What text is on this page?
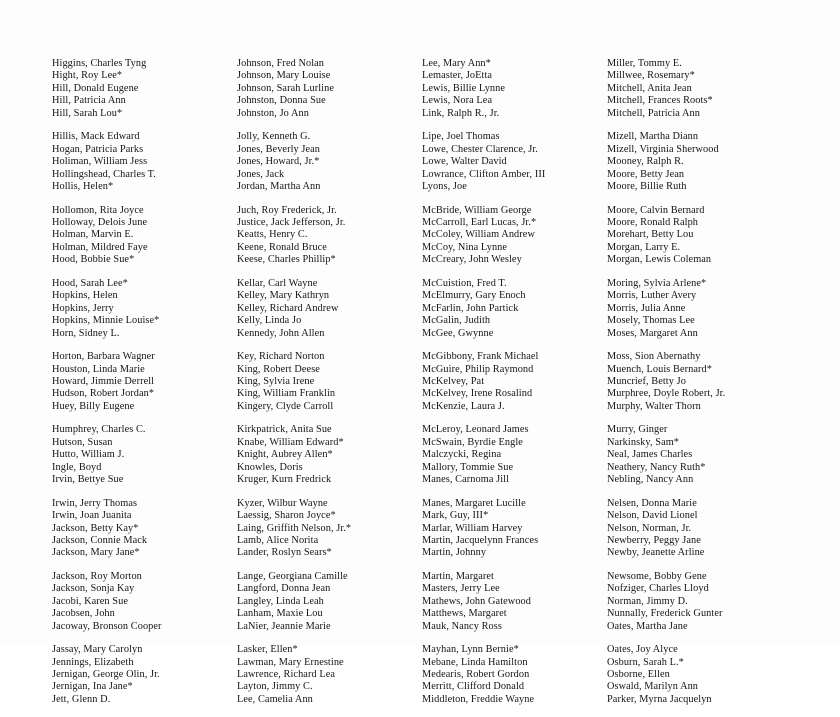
Higgins, Charles Tyng
Hight, Roy Lee*
Hill, Donald Eugene
Hill, Patricia Ann
Hill, Sarah Lou*
Hillis, Mack Edward
Hogan, Patricia Parks
Holiman, William Jess
Hollingshead, Charles T.
Hollis, Helen*
Hollomon, Rita Joyce
Holloway, Delois June
Holman, Marvin E.
Holman, Mildred Faye
Hood, Bobbie Sue*
Hood, Sarah Lee*
Hopkins, Helen
Hopkins, Jerry
Hopkins, Minnie Louise*
Horn, Sidney L.
Horton, Barbara Wagner
Houston, Linda Marie
Howard, Jimmie Derrell
Hudson, Robert Jordan*
Huey, Billy Eugene
Humphrey, Charles C.
Hutson, Susan
Hutto, William J.
Ingle, Boyd
Irvin, Bettye Sue
Irwin, Jerry Thomas
Irwin, Joan Juanita
Jackson, Betty Kay*
Jackson, Connie Mack
Jackson, Mary Jane*
Jackson, Roy Morton
Jackson, Sonja Kay
Jacobi, Karen Sue
Jacobsen, John
Jacoway, Bronson Cooper
Jassay, Mary Carolyn
Jennings, Elizabeth
Jernigan, George Olin, Jr.
Jernigan, Ina Jane*
Jett, Glenn D.
Johnson, Fred Nolan
Johnson, Mary Louise
Johnson, Sarah Lurline
Johnston, Donna Sue
Johnston, Jo Ann
Jolly, Kenneth G.
Jones, Beverly Jean
Jones, Howard, Jr.*
Jones, Jack
Jordan, Martha Ann
Juch, Roy Frederick, Jr.
Justice, Jack Jefferson, Jr.
Keatts, Henry C.
Keene, Ronald Bruce
Keese, Charles Phillip*
Kellar, Carl Wayne
Kelley, Mary Kathryn
Kelley, Richard Andrew
Kelly, Linda Jo
Kennedy, John Allen
Key, Richard Norton
King, Robert Deese
King, Sylvia Irene
King, William Franklin
Kingery, Clyde Carroll
Kirkpatrick, Anita Sue
Knabe, William Edward*
Knight, Aubrey Allen*
Knowles, Doris
Kruger, Kurn Fredrick
Kyzer, Wilbur Wayne
Laessig, Sharon Joyce*
Laing, Griffith Nelson, Jr.*
Lamb, Alice Norita
Lander, Roslyn Sears*
Lange, Georgiana Camille
Langford, Donna Jean
Langley, Linda Leah
Lanham, Maxie Lou
LaNier, Jeannie Marie
Lasker, Ellen*
Lawman, Mary Ernestine
Lawrence, Richard Lea
Layton, Jimmy C.
Lee, Camelia Ann
Lee, Mary Ann*
Lemaster, JoEtta
Lewis, Billie Lynne
Lewis, Nora Lea
Link, Ralph R., Jr.
Lipe, Joel Thomas
Lowe, Chester Clarence, Jr.
Lowe, Walter David
Lowrance, Clifton Amber, III
Lyons, Joe
McBride, William George
McCarroll, Earl Lucas, Jr.*
McColey, William Andrew
McCoy, Nina Lynne
McCreary, John Wesley
McCuistion, Fred T.
McElmurry, Gary Enoch
McFarlin, John Partick
McGalin, Judith
McGee, Gwynne
McGibbony, Frank Michael
McGuire, Philip Raymond
McKelvey, Pat
McKelvey, Irene Rosalind
McKenzie, Laura J.
McLeroy, Leonard James
McSwain, Byrdie Engle
Malczycki, Regina
Mallory, Tommie Sue
Manes, Carnoma Jill
Manes, Margaret Lucille
Mark, Guy, III*
Marlar, William Harvey
Martin, Jacquelynn Frances
Martin, Johnny
Martin, Margaret
Masters, Jerry Lee
Mathews, John Gatewood
Matthews, Margaret
Mauk, Nancy Ross
Mayhan, Lynn Bernie*
Mebane, Linda Hamilton
Medearis, Robert Gordon
Merritt, Clifford Donald
Middleton, Freddie Wayne
Miller, Tommy E.
Millwee, Rosemary*
Mitchell, Anita Jean
Mitchell, Frances Roots*
Mitchell, Patricia Ann
Mizell, Martha Diann
Mizell, Virginia Sherwood
Mooney, Ralph R.
Moore, Betty Jean
Moore, Billie Ruth
Moore, Calvin Bernard
Moore, Ronald Ralph
Morehart, Betty Lou
Morgan, Larry E.
Morgan, Lewis Coleman
Moring, Sylvia Arlene*
Morris, Luther Avery
Morris, Julia Anne
Mosely, Thomas Lee
Moses, Margaret Ann
Moss, Sion Abernathy
Muench, Louis Bernard*
Muncrief, Betty Jo
Murphree, Doyle Robert, Jr.
Murphy, Walter Thorn
Murry, Ginger
Narkinsky, Sam*
Neal, James Charles
Neathery, Nancy Ruth*
Nebling, Nancy Ann
Nelsen, Donna Marie
Nelson, David Lionel
Nelson, Norman, Jr.
Newberry, Peggy Jane
Newby, Jeanette Arline
Newsome, Bobby Gene
Nofziger, Charles Lloyd
Norman, Jimmy D.
Nunnally, Frederick Gunter
Oates, Martha Jane
Oates, Joy Alyce
Osburn, Sarah L.*
Osborne, Ellen
Oswald, Marilyn Ann
Parker, Myrna Jacquelyn
